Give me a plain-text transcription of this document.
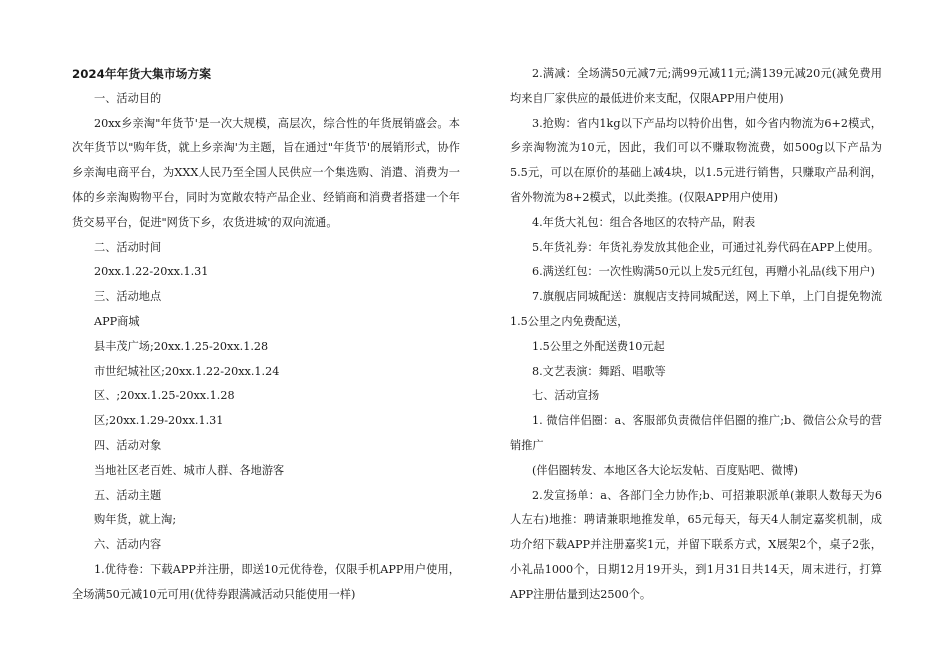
2024年年货大集市场方案

一、活动目的

20xx乡亲淘"年货节'是一次大规模，高层次，综合性的年货展销盛会。本次年货节以"购年货，就上乡亲淘'为主题，旨在通过"年货节'的展销形式，协作乡亲淘电商平台，为XXX人民乃至全国人民供应一个集选购、消遣、消费为一体的乡亲淘购物平台，同时为宽敞农特产品企业、经销商和消费者搭建一个年货交易平台，促进"网货下乡，农货进城'的双向流通。

二、活动时间

20xx.1.22-20xx.1.31

三、活动地点

APP商城

县丰茂广场;20xx.1.25-20xx.1.28

市世纪城社区;20xx.1.22-20xx.1.24

区、;20xx.1.25-20xx.1.28

区;20xx.1.29-20xx.1.31

四、活动对象

当地社区老百姓、城市人群、各地游客

五、活动主题

购年货，就上淘;

六、活动内容

1.优待卷：下载APP并注册，即送10元优待卷，仅限手机APP用户使用，全场满50元减10元可用(优待券跟满减活动只能使用一样)

2.满减：全场满50元减7元;满99元减11元;满139元减20元(减免费用均来自厂家供应的最低进价来支配，仅限APP用户使用)

3.抢购：省内1kg以下产品均以特价出售，如今省内物流为6+2模式，乡亲淘物流为10元，因此，我们可以不赚取物流费，如500g以下产品为5.5元，可以在原价的基础上减4块，以1.5元进行销售，只赚取产品利润，省外物流为8+2模式，以此类推。(仅限APP用户使用)

4.年货大礼包：组合各地区的农特产品，附表

5.年货礼券：年货礼券发放其他企业，可通过礼券代码在APP上使用。

6.满送红包：一次性购满50元以上发5元红包，再赠小礼品(线下用户)

7.旗舰店同城配送：旗舰店支持同城配送，网上下单，上门自提免物流1.5公里之内免费配送，

1.5公里之外配送费10元起

8.文艺表演：舞蹈、唱歌等

七、活动宣扬

1. 微信伴侣圈：a、客服部负责微信伴侣圈的推广;b、微信公众号的营销推广

(伴侣圈转发、本地区各大论坛发帖、百度贴吧、微博)

2.发宣扬单：a、各部门全力协作;b、可招兼职派单(兼职人数每天为6人左右)地推：聘请兼职地推发单，65元每天，每天4人制定嘉奖机制，成功介绍下载APP并注册嘉奖1元，并留下联系方式，X展架2个，桌子2张，小礼品1000个，日期12月19开头，到1月31日共14天，周末进行，打算APP注册估量到达2500个。
